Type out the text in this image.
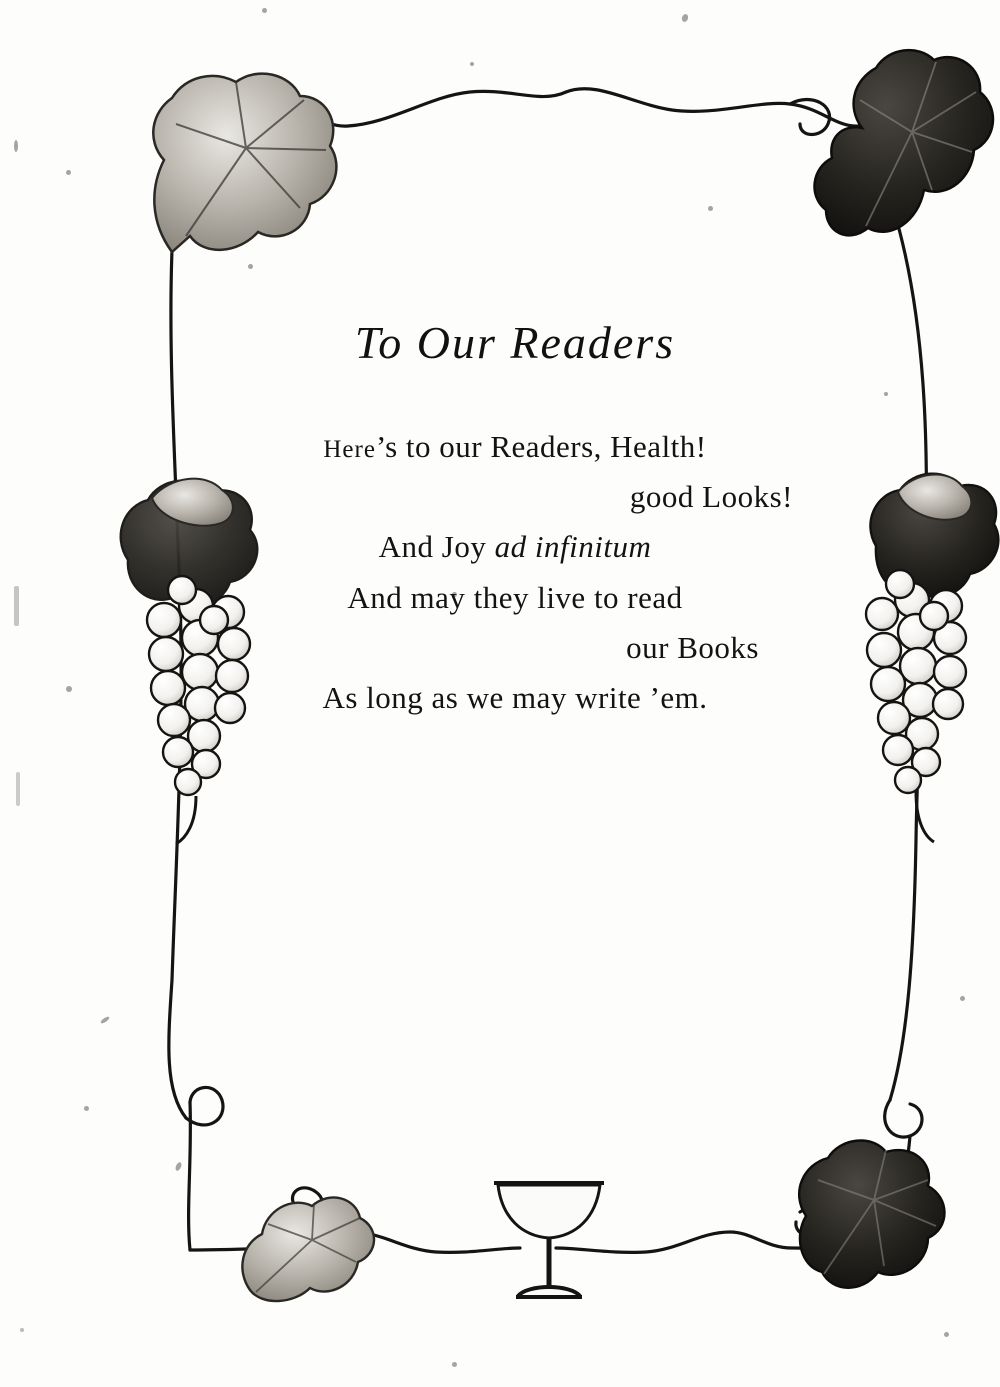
To Our Readers
Here’s to our Readers, Health!
good Looks!
And Joy ad infinitum
And may they live to read
our Books
As long as we may write ’em.
